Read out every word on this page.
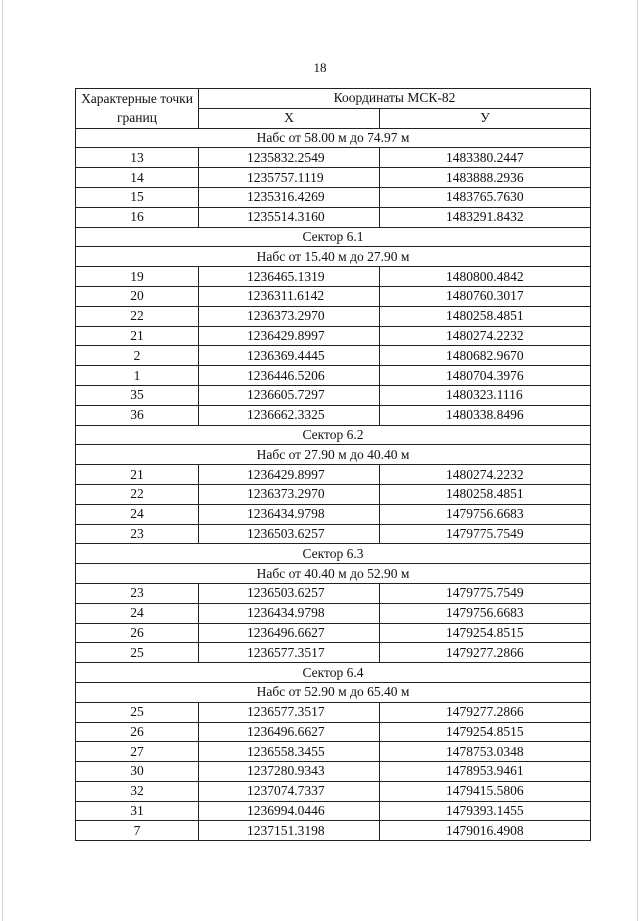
18
Характерные точки границ	Координаты МСК-82	
	X	У
Набс от 58.00 м до 74.97 м		
13	1235832.2549	1483380.2447
14	1235757.1119	1483888.2936
15	1235316.4269	1483765.7630
16	1235514.3160	1483291.8432
Сектор 6.1		
Набс от 15.40 м до 27.90 м		
19	1236465.1319	1480800.4842
20	1236311.6142	1480760.3017
22	1236373.2970	1480258.4851
21	1236429.8997	1480274.2232
2	1236369.4445	1480682.9670
1	1236446.5206	1480704.3976
35	1236605.7297	1480323.1116
36	1236662.3325	1480338.8496
Сектор 6.2		
Набс от 27.90 м до 40.40 м		
21	1236429.8997	1480274.2232
22	1236373.2970	1480258.4851
24	1236434.9798	1479756.6683
23	1236503.6257	1479775.7549
Сектор 6.3		
Набс от 40.40 м до 52.90 м		
23	1236503.6257	1479775.7549
24	1236434.9798	1479756.6683
26	1236496.6627	1479254.8515
25	1236577.3517	1479277.2866
Сектор 6.4		
Набс от 52.90 м до 65.40 м		
25	1236577.3517	1479277.2866
26	1236496.6627	1479254.8515
27	1236558.3455	1478753.0348
30	1237280.9343	1478953.9461
32	1237074.7337	1479415.5806
31	1236994.0446	1479393.1455
7	1237151.3198	1479016.4908
